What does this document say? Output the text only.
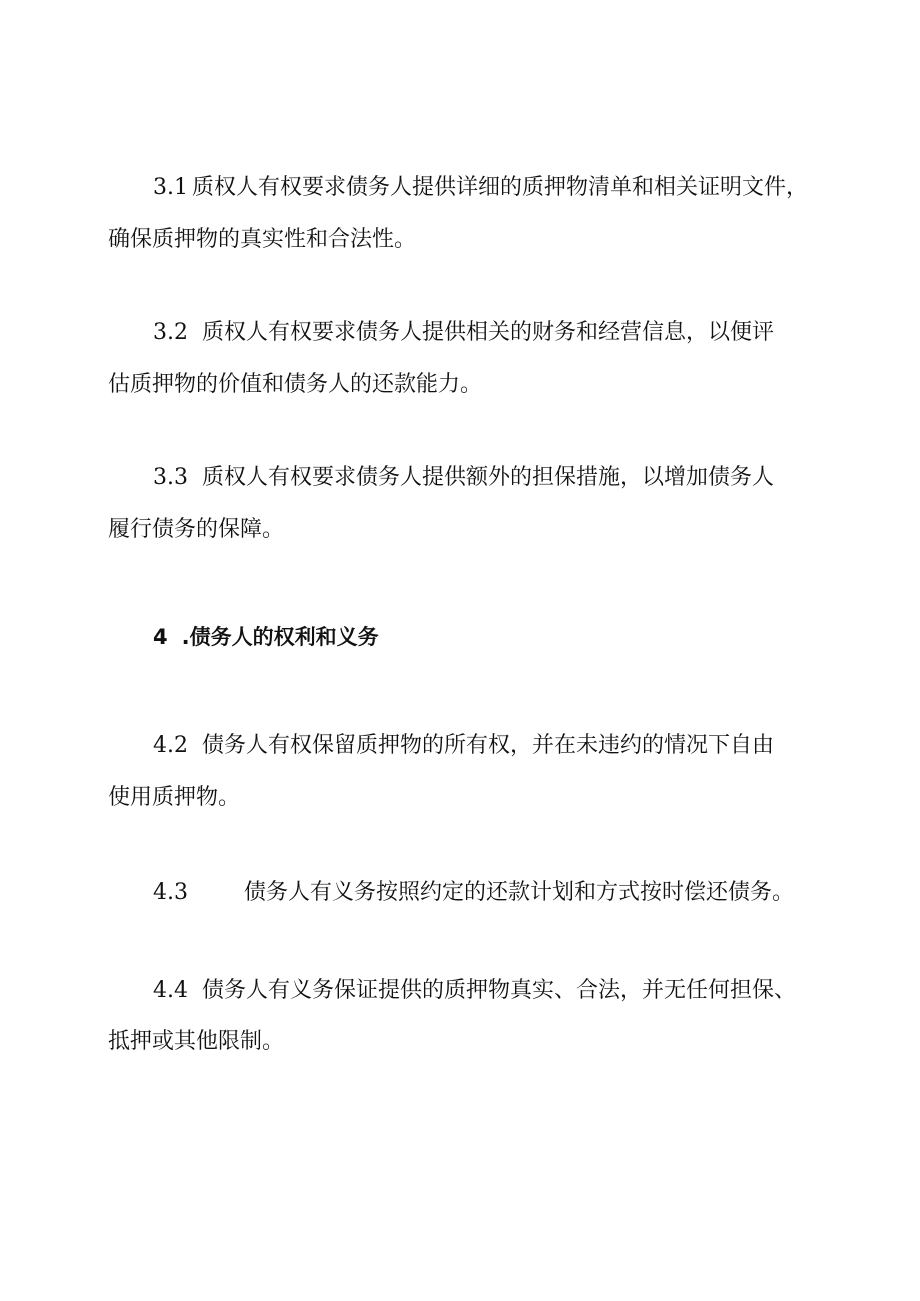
3.1 质权人有权要求债务人提供详细的质押物清单和相关证明文件，
确保质押物的真实性和合法性。
3.2 质权人有权要求债务人提供相关的财务和经营信息，以便评
估质押物的价值和债务人的还款能力。
3.3 质权人有权要求债务人提供额外的担保措施，以增加债务人
履行债务的保障。
4 .债务人的权利和义务
4.2 债务人有权保留质押物的所有权，并在未违约的情况下自由
使用质押物。
4.3	债务人有义务按照约定的还款计划和方式按时偿还债务。
4.4 债务人有义务保证提供的质押物真实、合法，并无任何担保、
抵押或其他限制。
